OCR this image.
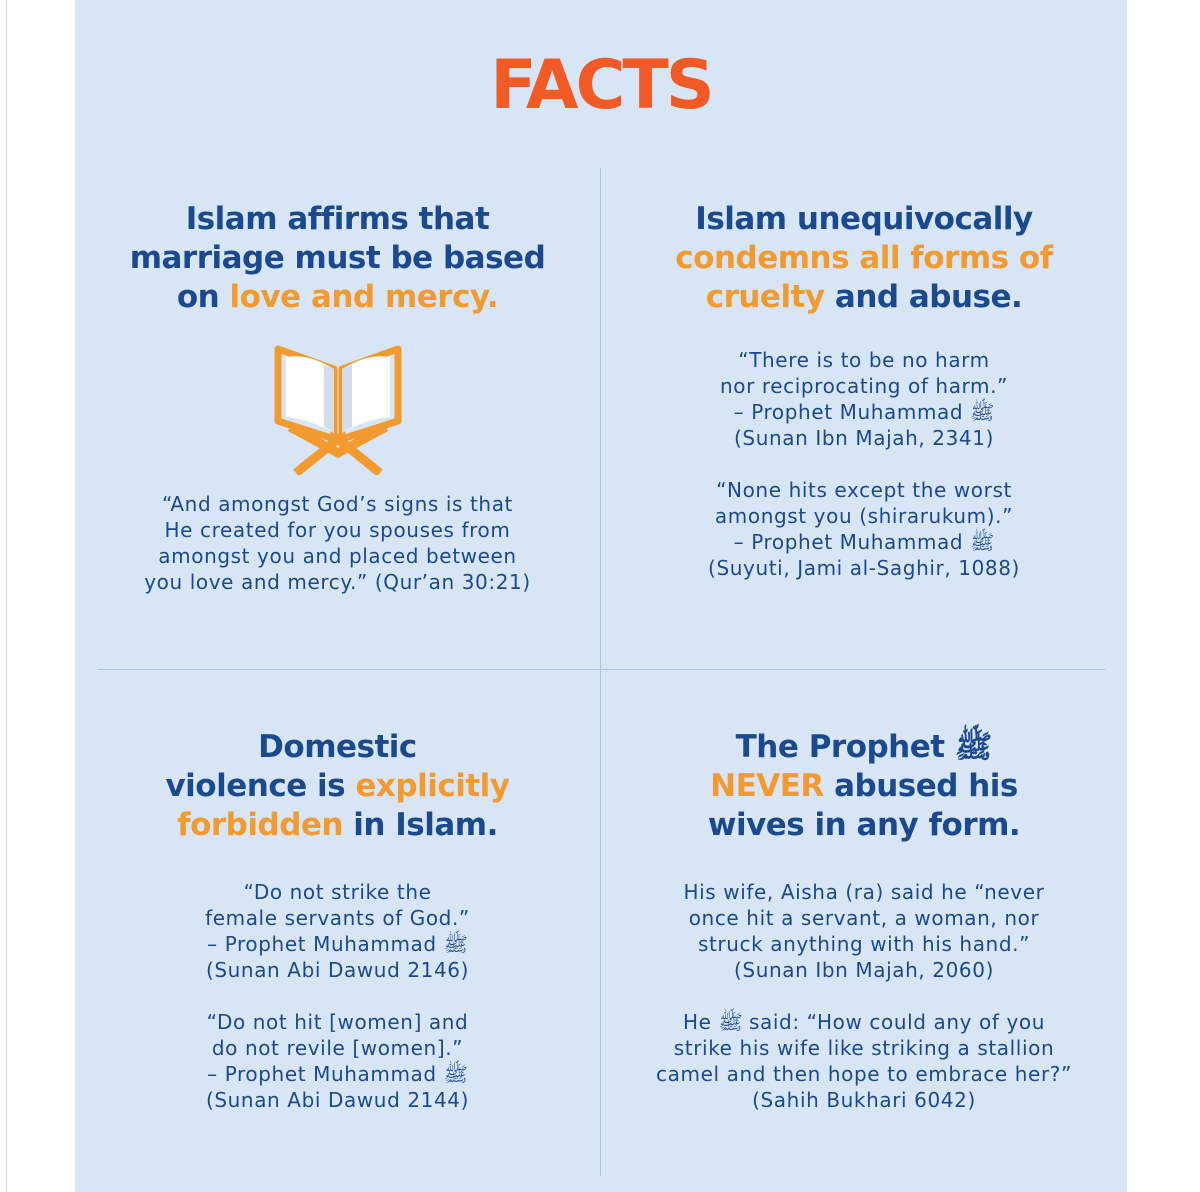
FACTS
Islam affirms that
marriage must be based
on love and mercy.

“And amongst God’s signs is that

He created for you spouses from

amongst you and placed between

you love and mercy.” (Qur’an 30:21)

Islam unequivocally
condemns all forms of
cruelty and abuse.

“There is to be no harm

nor reciprocating of harm.”

– Prophet Muhammad ﷺ

(Sunan Ibn Majah, 2341)

“None hits except the worst

amongst you (shirarukum).”

– Prophet Muhammad ﷺ

(Suyuti, Jami al-Saghir, 1088)

Domestic
violence is explicitly
forbidden in Islam.

“Do not strike the

female servants of God.”

– Prophet Muhammad ﷺ

(Sunan Abi Dawud 2146)

“Do not hit [women] and

do not revile [women].”

– Prophet Muhammad ﷺ

(Sunan Abi Dawud 2144)

The Prophet ﷺ
NEVER abused his
wives in any form.

His wife, Aisha (ra) said he “never

once hit a servant, a woman, nor

struck anything with his hand.”

(Sunan Ibn Majah, 2060)

He ﷺ said: “How could any of you

strike his wife like striking a stallion

camel and then hope to embrace her?”

(Sahih Bukhari 6042)
